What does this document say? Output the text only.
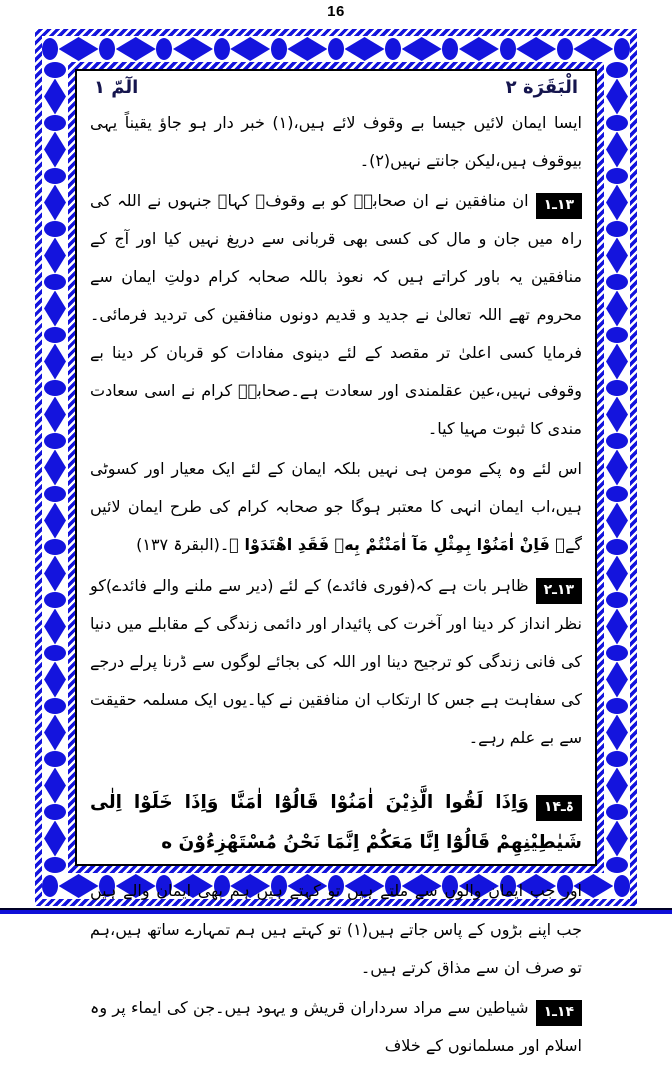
16
الْبَقَرَة ۲
الٓمّ ۱
ایسا ایمان لائیں جیسا بے وقوف لائے ہیں،(۱) خبر دار ہو جاؤ یقیناً یہی بیوقوف ہیں،لیکن جانتے نہیں(۲)۔
۱۳ـ۱ان منافقین نے ان صحابہؓ کو بے وقوفؔ کہاؔ جنہوں نے اللہ کی راہ میں جان و مال کی کسی بھی قربانی سے دریغ نہیں کیا اور آج کے منافقین یہ باور کراتے ہیں کہ نعوذ باللہ صحابہ کرام دولتِ ایمان سے محروم تھے اللہ تعالیٰ نے جدید و قدیم دونوں منافقین کی تردید فرمائی۔ فرمایا کسی اعلیٰ تر مقصد کے لئے دینوی مفادات کو قربان کر دینا بے وقوفی نہیں،عین عقلمندی اور سعادت ہے۔صحابہؓ کرام نے اسی سعادت مندی کا ثبوت مہیا کیا۔
اس لئے وہ پکے مومن ہی نہیں بلکہ ایمان کے لئے ایک معیار اور کسوٹی ہیں،اب ایمان انہی کا معتبر ہوگا جو صحابہ کرام کی طرح ایمان لائیں گے﴿ فَاِنْ اٰمَنُوْا بِمِثْلِ مَآ اٰمَنْتُمْ بِهٖ فَقَدِ اهْتَدَوْا ﴾۔(البقرۃ ۱۳۷)
۱۳ـ۲ظاہر بات ہے کہ(فوری فائدے) کے لئے (دیر سے ملنے والے فائدے)کو نظر انداز کر دینا اور آخرت کی پائیدار اور دائمی زندگی کے مقابلے میں دنیا کی فانی زندگی کو ترجیح دینا اور اللہ کی بجائے لوگوں سے ڈرنا پرلے درجے کی سفاہت ہے جس کا ارتکاب ان منافقین نے کیا۔یوں ایک مسلمہ حقیقت سے بے علم رہے۔
ۃـ۱۴وَاِذَا لَقُوا الَّذِیْنَ اٰمَنُوْا قَالُوْٓا اٰمَنَّا وَاِذَا خَلَوْا اِلٰی شَیٰطِیْنِهِمْ قَالُوْٓا اِنَّا مَعَکُمْ اِنَّمَا نَحْنُ مُسْتَهْزِءُوْنَ ه
اور جب ایمان والوں سے ملتے ہیں تو کہتے ہیں ہم بھی ایمان والے ہیں جب اپنے بڑوں کے پاس جاتے ہیں(۱) تو کہتے ہیں ہم تمہارے ساتھ ہیں،ہم تو صرف ان سے مذاق کرتے ہیں۔
۱۴ـ۱شیاطین سے مراد سرداران قریش و یہود ہیں۔جن کی ایماء پر وہ اسلام اور مسلمانوں کے خلاف
